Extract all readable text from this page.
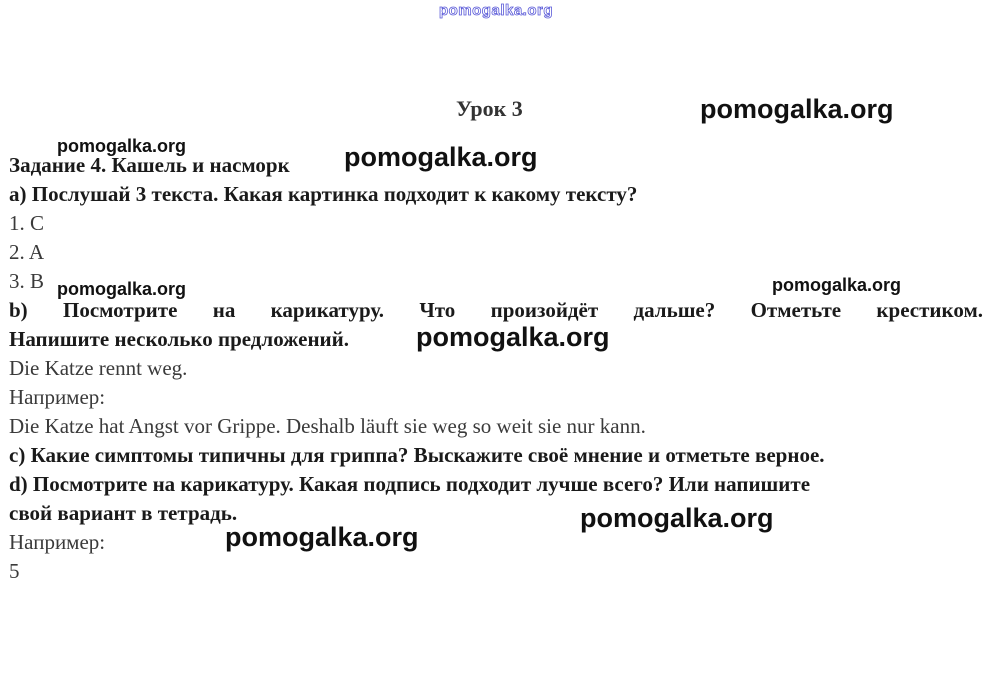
pomogalka.org
Урок 3
Задание 4. Кашель и насморк
а) Послушай 3 текста. Какая картинка подходит к какому тексту?
1. C
2. A
3. B
b) Посмотрите на карикатуру. Что произойдёт дальше? Отметьте крестиком.
Напишите несколько предложений.
Die Katze rennt weg.
Например:
Die Katze hat Angst vor Grippe. Deshalb läuft sie weg so weit sie nur kann.
с) Какие симптомы типичны для гриппа? Выскажите своё мнение и отметьте верное.
d) Посмотрите на карикатуру. Какая подпись подходит лучше всего? Или напишите
свой вариант в тетрадь.
Например:
5
pomogalka.org
pomogalka.org	pomogalka.org
pomogalka.org	pomogalka.org
pomogalka.org
pomogalka.org
pomogalka.org
